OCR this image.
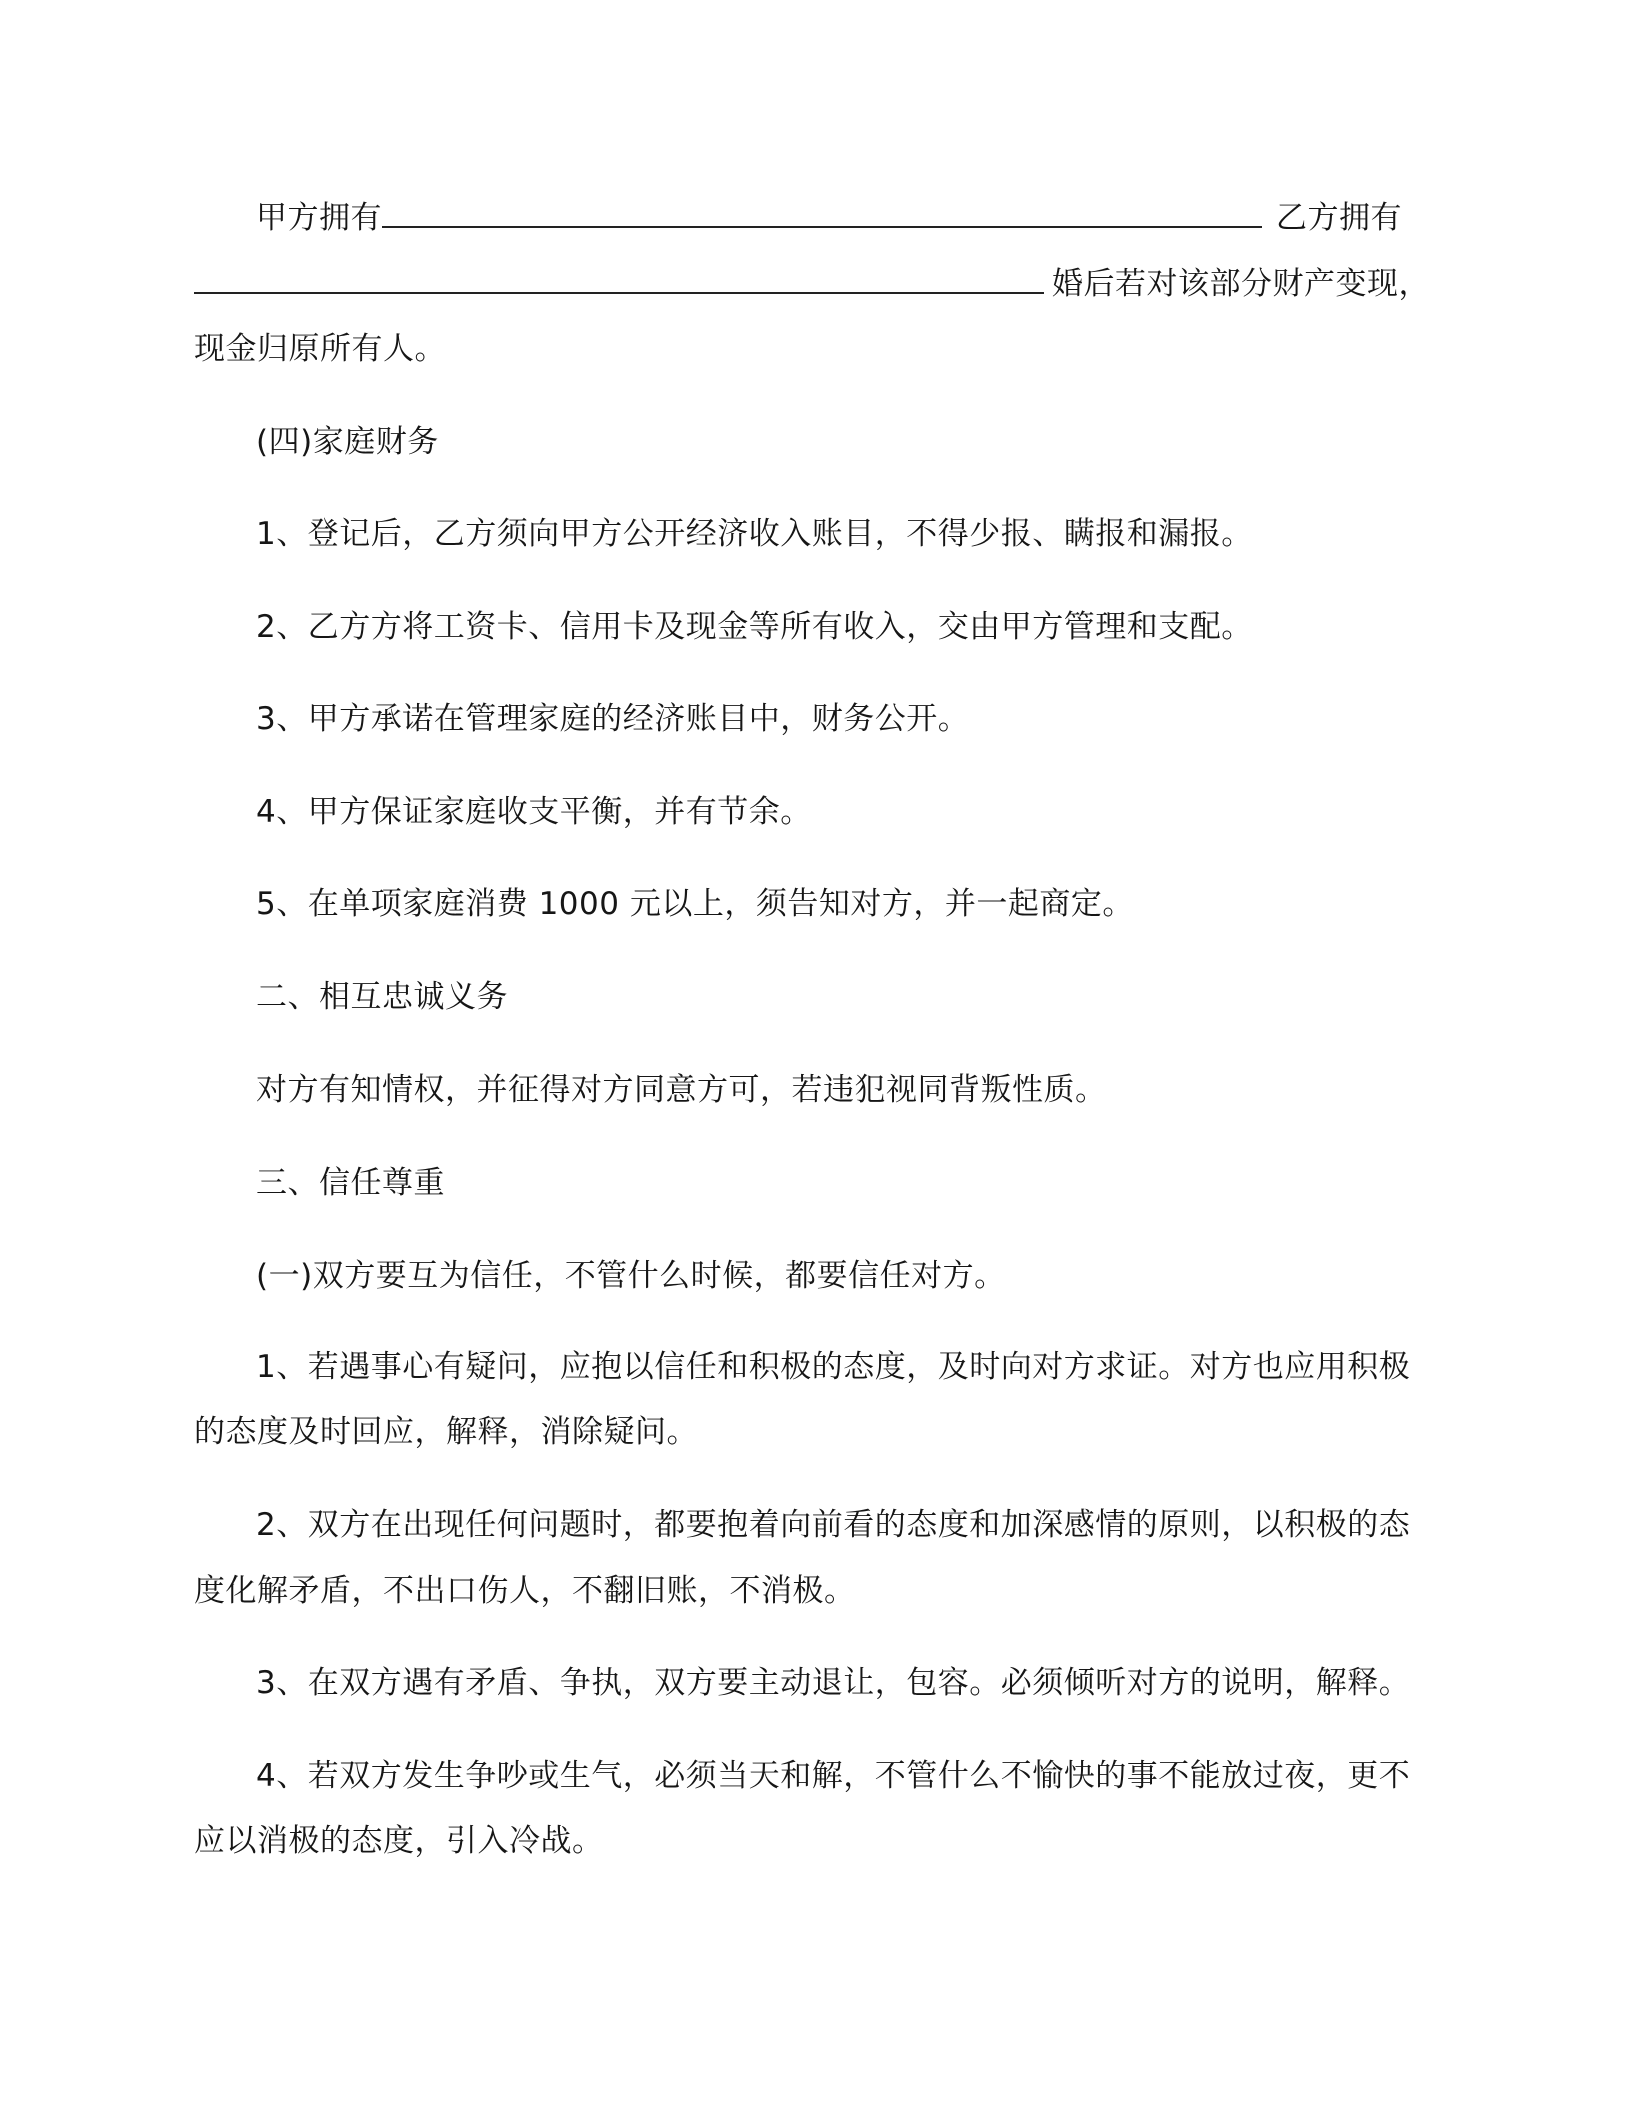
甲方拥有	乙方拥有
婚后若对该部分财产变现，
现金归原所有人。
(四)家庭财务
1、登记后，乙方须向甲方公开经济收入账目，不得少报、瞒报和漏报。
2、乙方方将工资卡、信用卡及现金等所有收入，交由甲方管理和支配。
3、甲方承诺在管理家庭的经济账目中，财务公开。
4、甲方保证家庭收支平衡，并有节余。
5、在单项家庭消费 1000 元以上，须告知对方，并一起商定。
二、相互忠诚义务
对方有知情权，并征得对方同意方可，若违犯视同背叛性质。
三、信任尊重
(一)双方要互为信任，不管什么时候，都要信任对方。
1、若遇事心有疑问，应抱以信任和积极的态度，及时向对方求证。对方也应用积极
的态度及时回应，解释，消除疑问。
2、双方在出现任何问题时，都要抱着向前看的态度和加深感情的原则，以积极的态
度化解矛盾，不出口伤人，不翻旧账，不消极。
3、在双方遇有矛盾、争执，双方要主动退让，包容。必须倾听对方的说明，解释。
4、若双方发生争吵或生气，必须当天和解，不管什么不愉快的事不能放过夜，更不
应以消极的态度，引入冷战。
